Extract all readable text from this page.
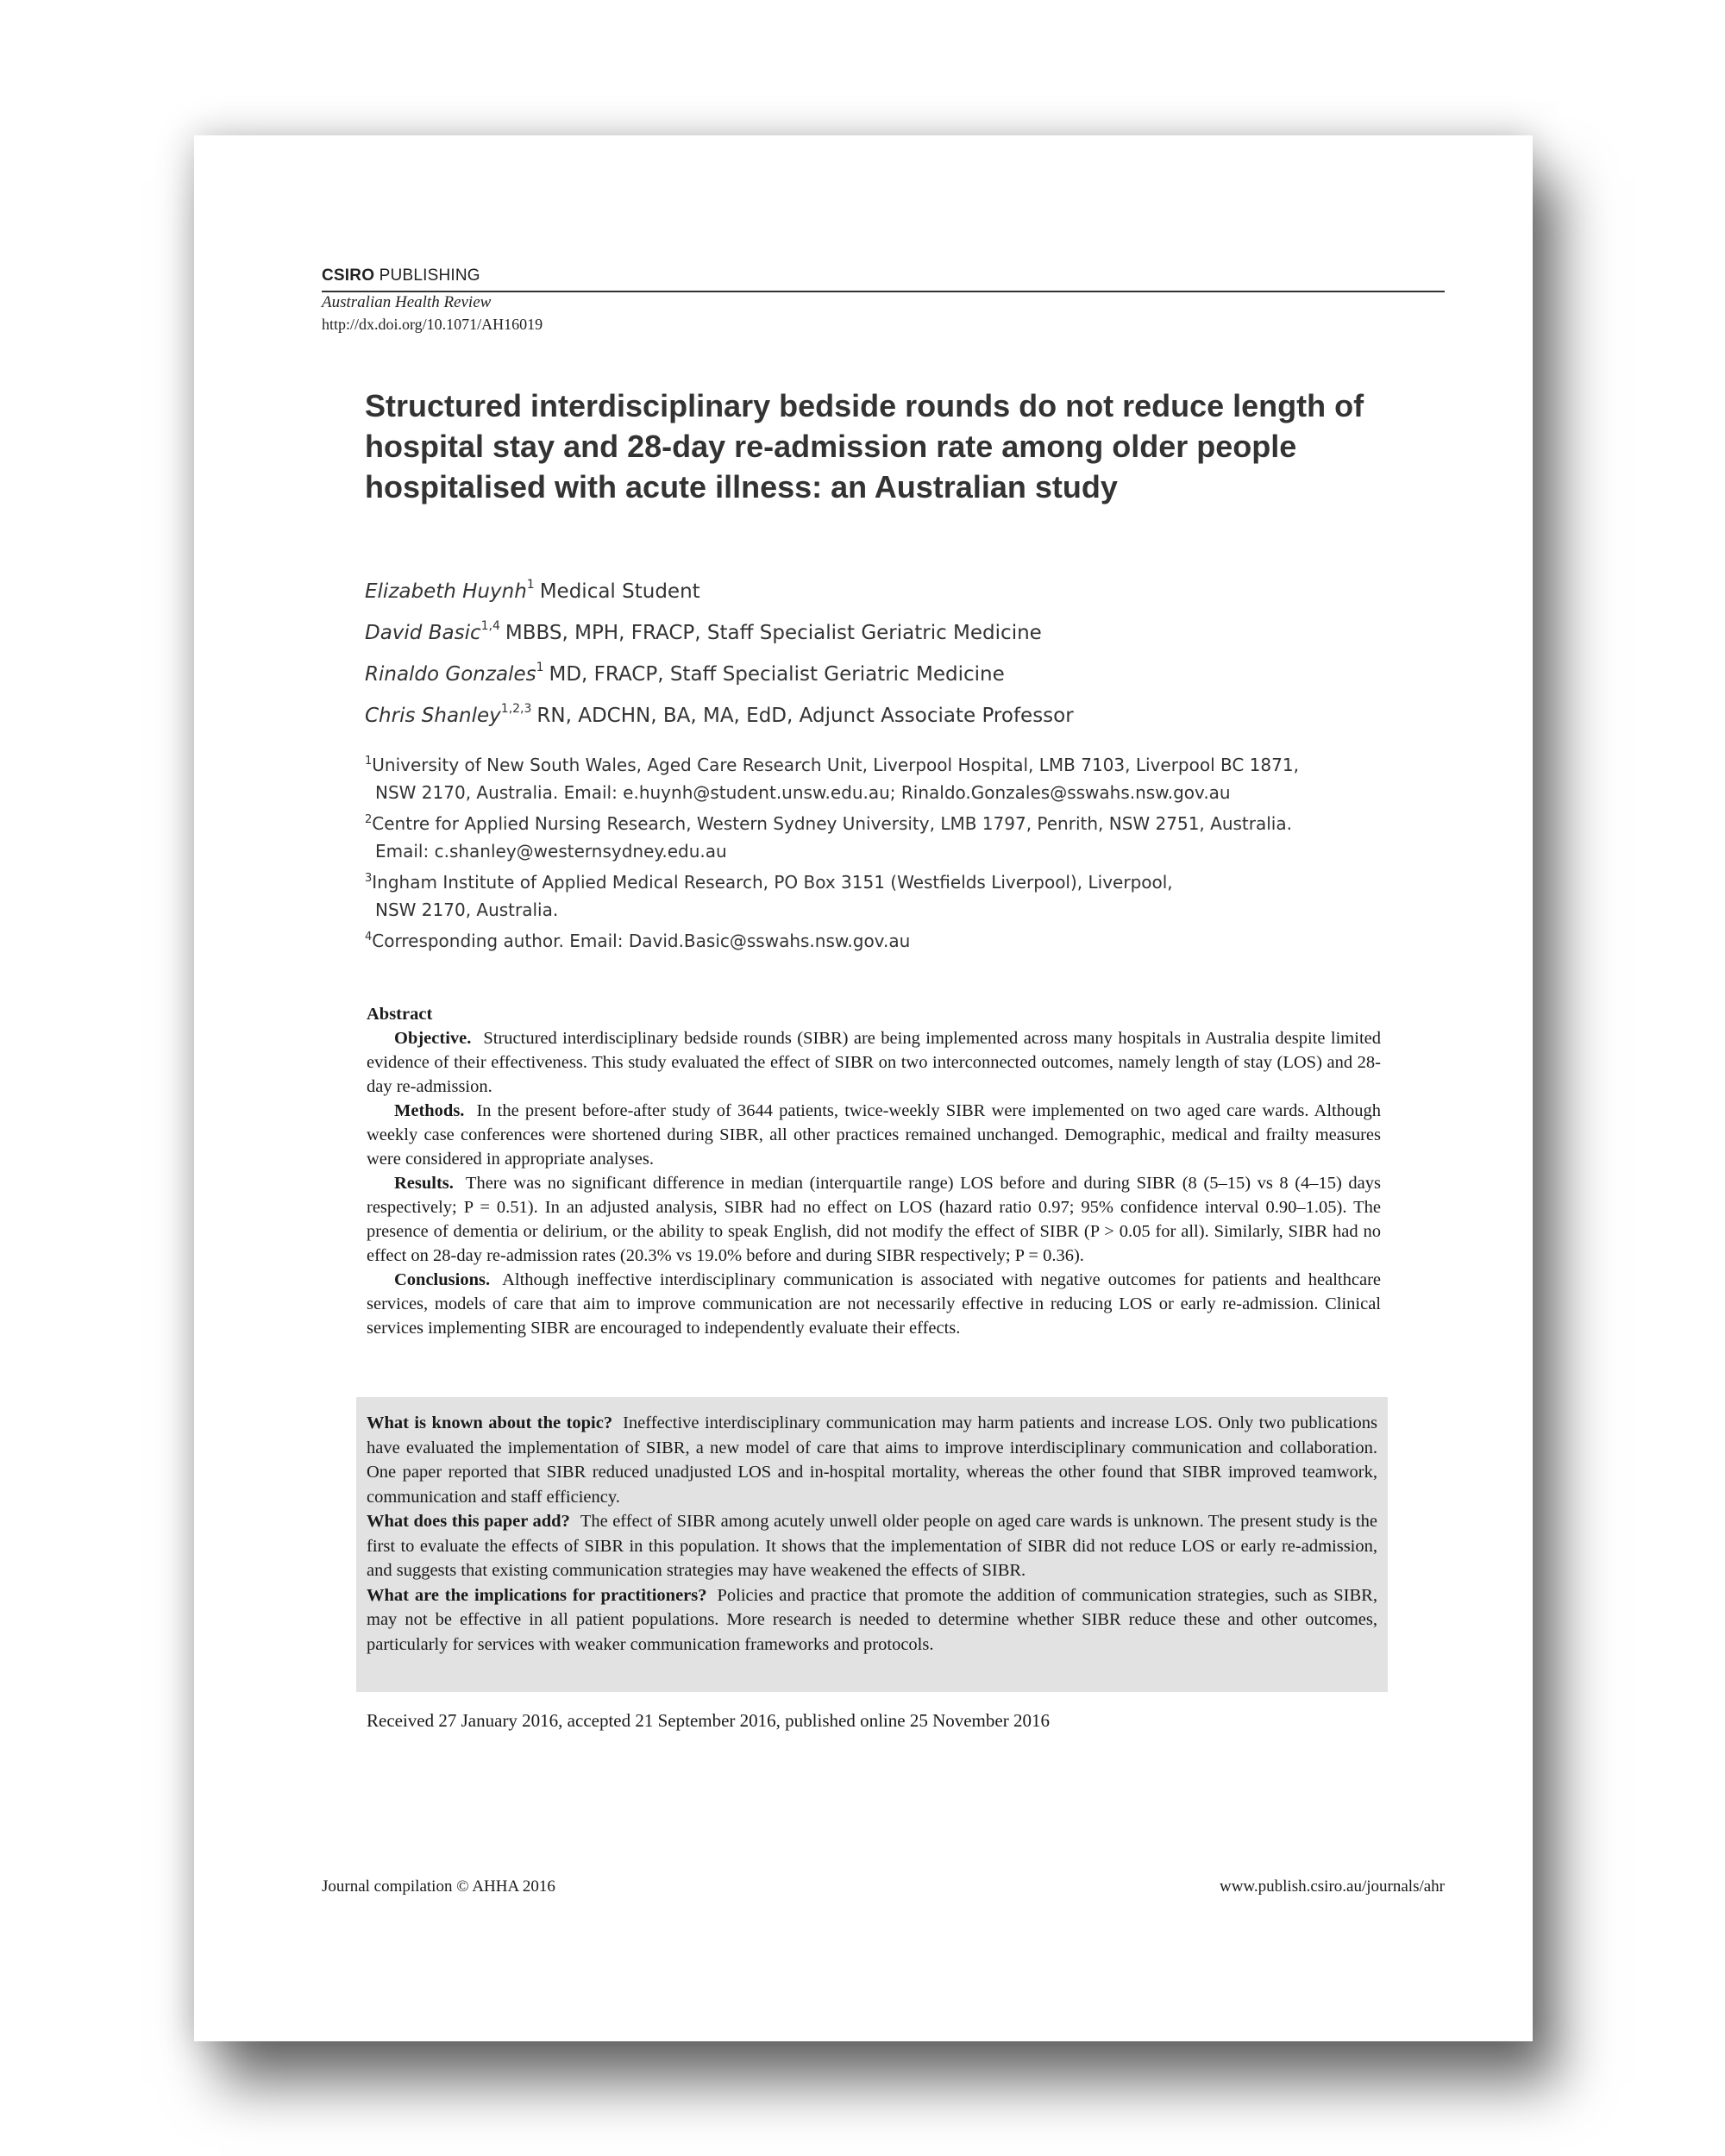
CSIRO PUBLISHING
Australian Health Review
http://dx.doi.org/10.1071/AH16019
Structured interdisciplinary bedside rounds do not reduce length of hospital stay and 28-day re-admission rate among older people hospitalised with acute illness: an Australian study
Elizabeth Huynh$^1$ Medical Student
David Basic$^{1,4}$ MBBS, MPH, FRACP, Staff Specialist Geriatric Medicine
Rinaldo Gonzales$^1$ MD, FRACP, Staff Specialist Geriatric Medicine
Chris Shanley$^{1,2,3}$ RN, ADCHN, BA, MA, EdD, Adjunct Associate Professor
$^1$University of New South Wales, Aged Care Research Unit, Liverpool Hospital, LMB 7103, Liverpool BC 1871,
NSW 2170, Australia. Email: e.huynh@student.unsw.edu.au; Rinaldo.Gonzales@sswahs.nsw.gov.au
$^2$Centre for Applied Nursing Research, Western Sydney University, LMB 1797, Penrith, NSW 2751, Australia.
Email: c.shanley@westernsydney.edu.au
$^3$Ingham Institute of Applied Medical Research, PO Box 3151 (Westfields Liverpool), Liverpool,
NSW 2170, Australia.
$^4$Corresponding author. Email: David.Basic@sswahs.nsw.gov.au
Abstract
Objective. Structured interdisciplinary bedside rounds (SIBR) are being implemented across many hospitals in Australia despite limited evidence of their effectiveness. This study evaluated the effect of SIBR on two interconnected outcomes, namely length of stay (LOS) and 28-day re-admission.
Methods. In the present before-after study of 3644 patients, twice-weekly SIBR were implemented on two aged care wards. Although weekly case conferences were shortened during SIBR, all other practices remained unchanged. Demographic, medical and frailty measures were considered in appropriate analyses.
Results. There was no significant difference in median (interquartile range) LOS before and during SIBR (8 (5–15) vs 8 (4–15) days respectively; P = 0.51). In an adjusted analysis, SIBR had no effect on LOS (hazard ratio 0.97; 95% confidence interval 0.90–1.05). The presence of dementia or delirium, or the ability to speak English, did not modify the effect of SIBR (P > 0.05 for all). Similarly, SIBR had no effect on 28-day re-admission rates (20.3% vs 19.0% before and during SIBR respectively; P = 0.36).
Conclusions. Although ineffective interdisciplinary communication is associated with negative outcomes for patients and healthcare services, models of care that aim to improve communication are not necessarily effective in reducing LOS or early re-admission. Clinical services implementing SIBR are encouraged to independently evaluate their effects.
What is known about the topic? Ineffective interdisciplinary communication may harm patients and increase LOS. Only two publications have evaluated the implementation of SIBR, a new model of care that aims to improve interdisciplinary communication and collaboration. One paper reported that SIBR reduced unadjusted LOS and in-hospital mortality, whereas the other found that SIBR improved teamwork, communication and staff efficiency.
What does this paper add? The effect of SIBR among acutely unwell older people on aged care wards is unknown. The present study is the first to evaluate the effects of SIBR in this population. It shows that the implementation of SIBR did not reduce LOS or early re-admission, and suggests that existing communication strategies may have weakened the effects of SIBR.
What are the implications for practitioners? Policies and practice that promote the addition of communication strategies, such as SIBR, may not be effective in all patient populations. More research is needed to determine whether SIBR reduce these and other outcomes, particularly for services with weaker communication frameworks and protocols.
Received 27 January 2016, accepted 21 September 2016, published online 25 November 2016
Journal compilation © AHHA 2016	www.publish.csiro.au/journals/ahr
